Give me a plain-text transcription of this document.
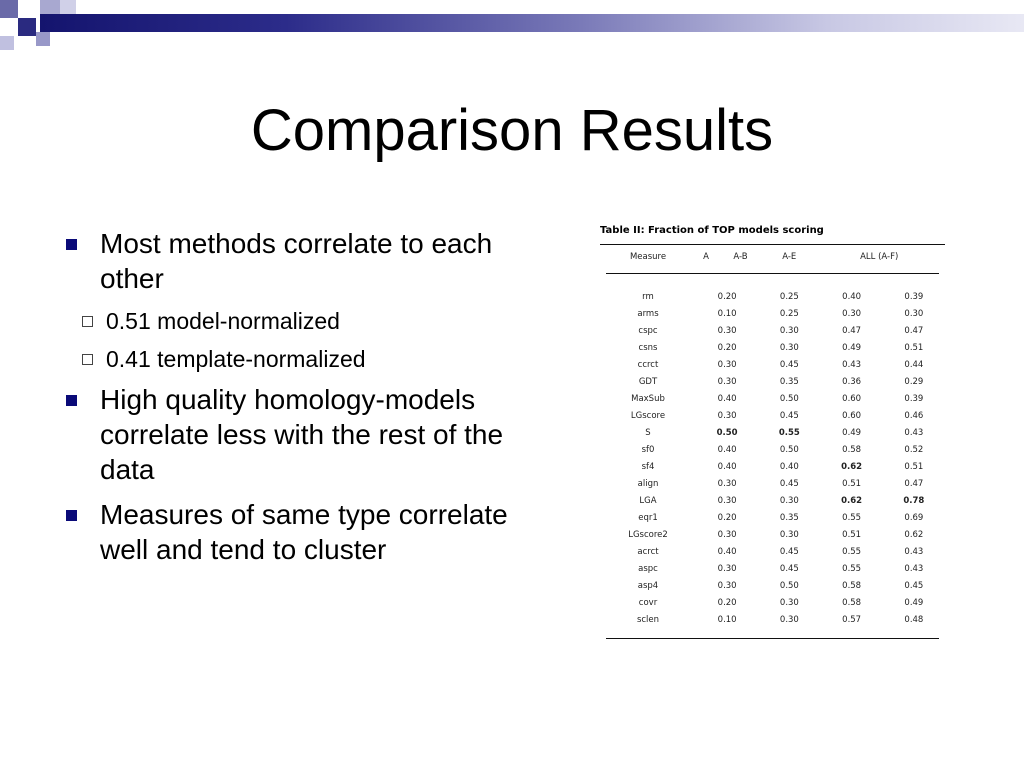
Comparison Results
Most methods correlate to each other
0.51 model-normalized
0.41 template-normalized
High quality homology-models correlate less with the rest of the data
Measures of same type correlate well and tend to cluster
Table II: Fraction of TOP models scoring
Measure	A	A-B	A-E	ALL (A-F)
rm	0.20	0.25	0.40	0.39
arms	0.10	0.25	0.30	0.30
cspc	0.30	0.30	0.47	0.47
csns	0.20	0.30	0.49	0.51
ccrct	0.30	0.45	0.43	0.44
GDT	0.30	0.35	0.36	0.29
MaxSub	0.40	0.50	0.60	0.39
LGscore	0.30	0.45	0.60	0.46
S	0.50	0.55	0.49	0.43
sf0	0.40	0.50	0.58	0.52
sf4	0.40	0.40	0.62	0.51
align	0.30	0.45	0.51	0.47
LGA	0.30	0.30	0.62	0.78
eqr1	0.20	0.35	0.55	0.69
LGscore2	0.30	0.30	0.51	0.62
acrct	0.40	0.45	0.55	0.43
aspc	0.30	0.45	0.55	0.43
asp4	0.30	0.50	0.58	0.45
covr	0.20	0.30	0.58	0.49
sclen	0.10	0.30	0.57	0.48
